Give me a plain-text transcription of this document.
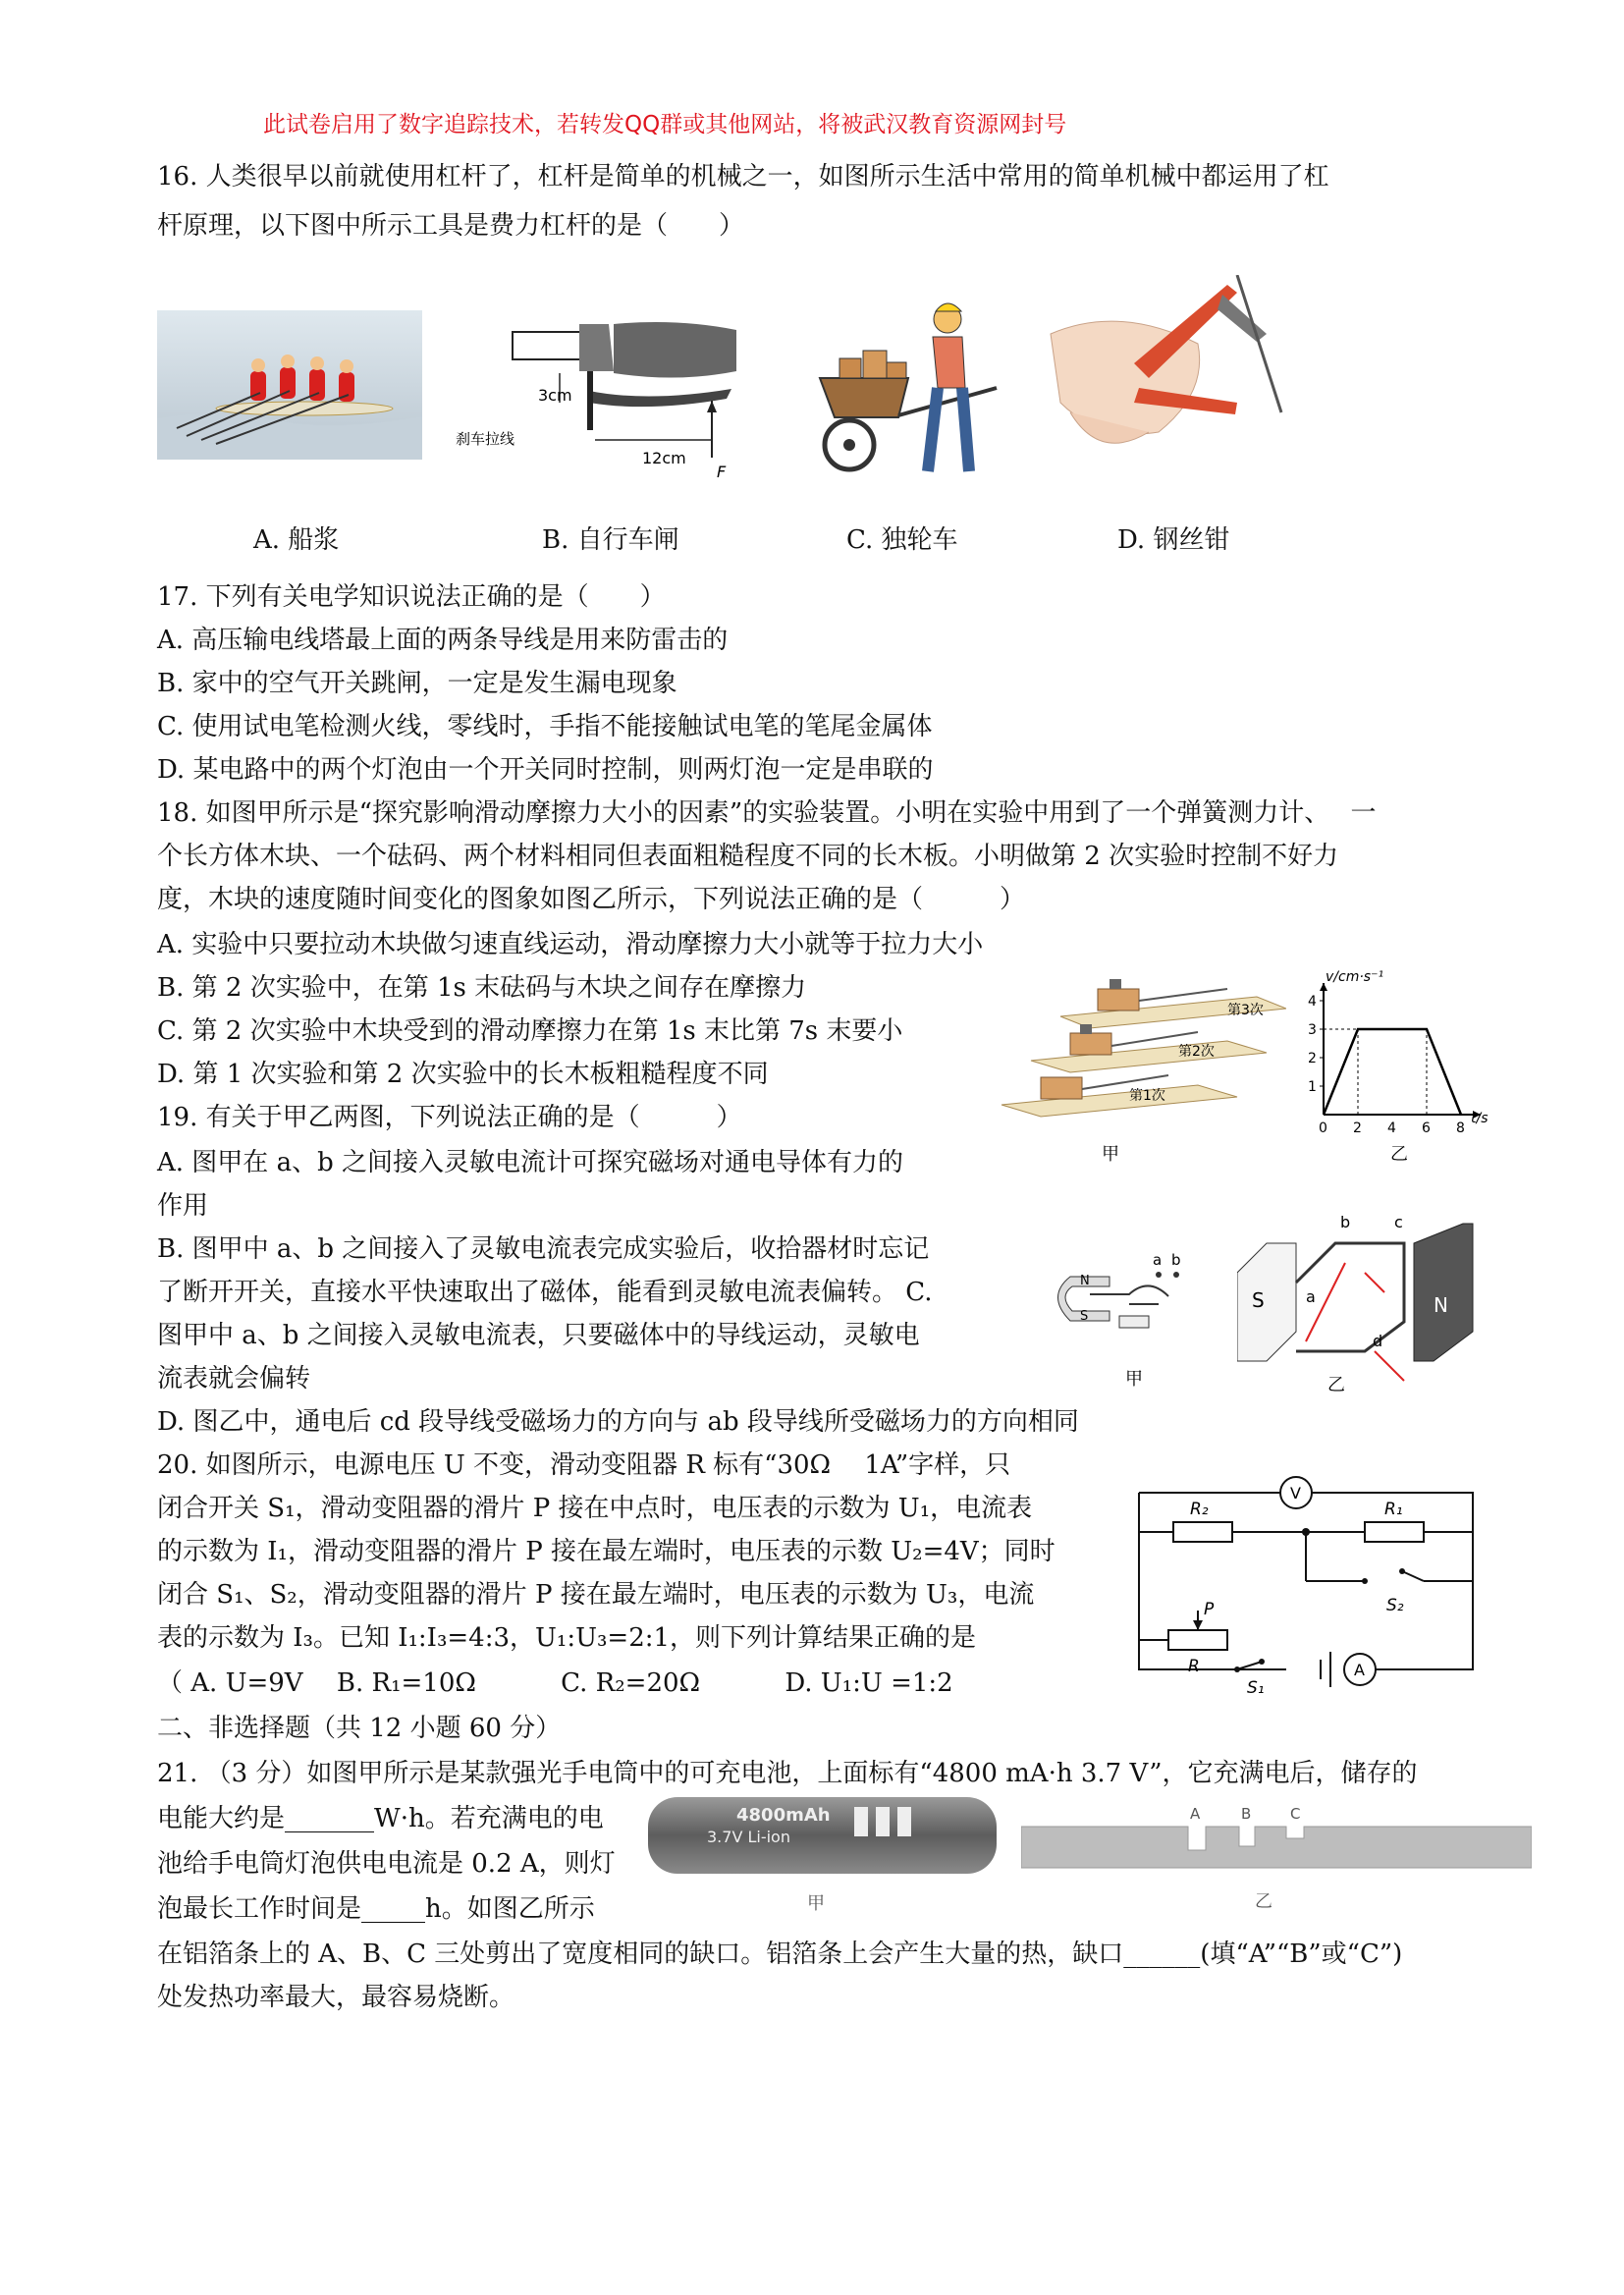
此试卷启用了数字追踪技术，若转发QQ群或其他网站，将被武汉教育资源网封号
16. 人类很早以前就使用杠杆了，杠杆是简单的机械之一，如图所示生活中常用的简单机械中都运用了杠
杆原理，以下图中所示工具是费力杠杆的是（　　）
3cm
12cm
F
刹车拉线
A. 船浆	B. 自行车闸	C. 独轮车	D. 钢丝钳
17. 下列有关电学知识说法正确的是（　　）
A. 高压输电线塔最上面的两条导线是用来防雷击的
B. 家中的空气开关跳闸，一定是发生漏电现象
C. 使用试电笔检测火线，零线时，手指不能接触试电笔的笔尾金属体
D. 某电路中的两个灯泡由一个开关同时控制，则两灯泡一定是串联的
18. 如图甲所示是“探究影响滑动摩擦力大小的因素”的实验装置。小明在实验中用到了一个弹簧测力计、　 一
个长方体木块、一个砝码、两个材料相同但表面粗糙程度不同的长木板。小明做第 2 次实验时控制不好力
度，木块的速度随时间变化的图象如图乙所示，下列说法正确的是（　　　）
A. 实验中只要拉动木块做匀速直线运动，滑动摩擦力大小就等于拉力大小
B. 第 2 次实验中，在第 1s 末砝码与木块之间存在摩擦力
C. 第 2 次实验中木块受到的滑动摩擦力在第 1s 末比第 7s 末要小
D. 第 1 次实验和第 2 次实验中的长木板粗糙程度不同
第1次
第2次
第3次
甲
0 2 4 6 8
1
2
3
4
v/cm·s⁻¹
t/s
乙
19. 有关于甲乙两图，下列说法正确的是（　　　）
A. 图甲在 a、b 之间接入灵敏电流计可探究磁场对通电导体有力的
作用
B. 图甲中 a、b 之间接入了灵敏电流表完成实验后，收拾器材时忘记
了断开开关，直接水平快速取出了磁体，能看到灵敏电流表偏转。 C.
图甲中 a、b 之间接入灵敏电流表，只要磁体中的导线运动，灵敏电
流表就会偏转
D. 图乙中，通电后 cd 段导线受磁场力的方向与 ab 段导线所受磁场力的方向相同
N
S
a b
甲
S	N
a
b	c
d
乙
20. 如图所示，电源电压 U 不变，滑动变阻器 R 标有“30Ω　 1A”字样，只
闭合开关 S₁，滑动变阻器的滑片 P 接在中点时，电压表的示数为 U₁，电流表
的示数为 I₁，滑动变阻器的滑片 P 接在最左端时，电压表的示数 U₂=4V；同时
闭合 S₁、S₂，滑动变阻器的滑片 P 接在最左端时，电压表的示数为 U₃，电流
表的示数为 I₃。已知 I₁:I₃=4:3，U₁:U₃=2:1，则下列计算结果正确的是
（ A. U=9V　 B. R₁=10Ω　　　 C. R₂=20Ω　　　 D. U₁:U =1:2
V
R₂	R₁
S₂
P
R
S₁
A
二、非选择题（共 12 小题 60 分）
21. （3 分）如图甲所示是某款强光手电筒中的可充电池，上面标有“4800 mA·h 3.7 V”，它充满电后，储存的
电能大约是_______W·h。若充满电的电
池给手电筒灯泡供电电流是 0.2 A，则灯
泡最长工作时间是_____h。如图乙所示
在铝箔条上的 A、B、C 三处剪出了宽度相同的缺口。铝箔条上会产生大量的热，缺口______(填“A”“B”或“C”)
处发热功率最大，最容易烧断。
4800mAh
3.7V Li-ion
甲
A	B	C
乙
